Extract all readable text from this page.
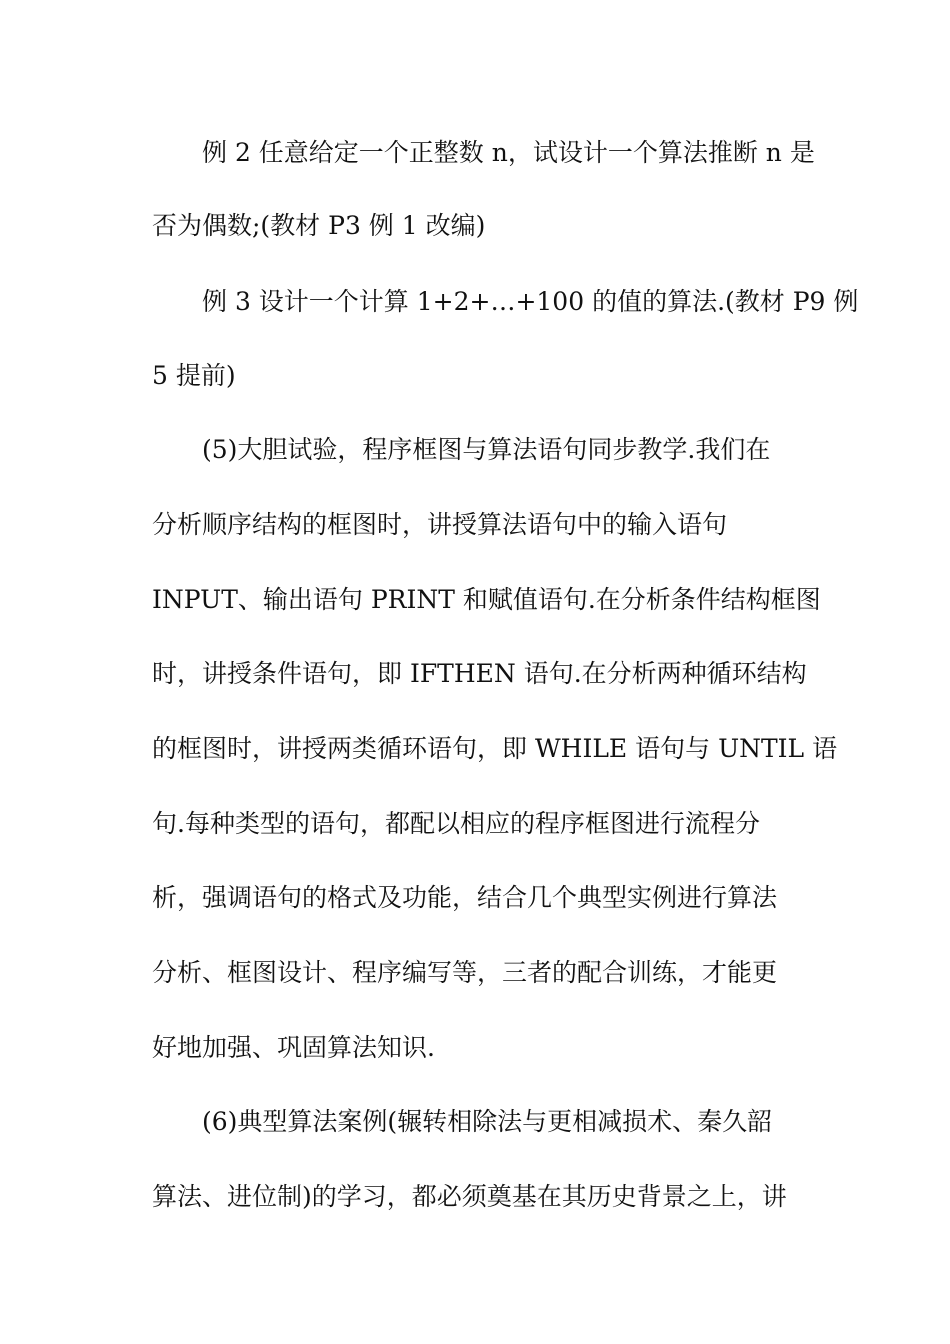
例 2 任意给定一个正整数 n，试设计一个算法推断 n 是

否为偶数;(教材 P3 例 1 改编)

例 3 设计一个计算 1+2+…+100 的值的算法.(教材 P9 例

5 提前)

(5)大胆试验，程序框图与算法语句同步教学.我们在

分析顺序结构的框图时，讲授算法语句中的输入语句

INPUT、输出语句 PRINT 和赋值语句.在分析条件结构框图

时，讲授条件语句，即 IFTHEN 语句.在分析两种循环结构

的框图时，讲授两类循环语句，即 WHILE 语句与 UNTIL 语

句.每种类型的语句，都配以相应的程序框图进行流程分

析，强调语句的格式及功能，结合几个典型实例进行算法

分析、框图设计、程序编写等，三者的配合训练，才能更

好地加强、巩固算法知识.

(6)典型算法案例(辗转相除法与更相减损术、秦久韶

算法、进位制)的学习，都必须奠基在其历史背景之上，讲
